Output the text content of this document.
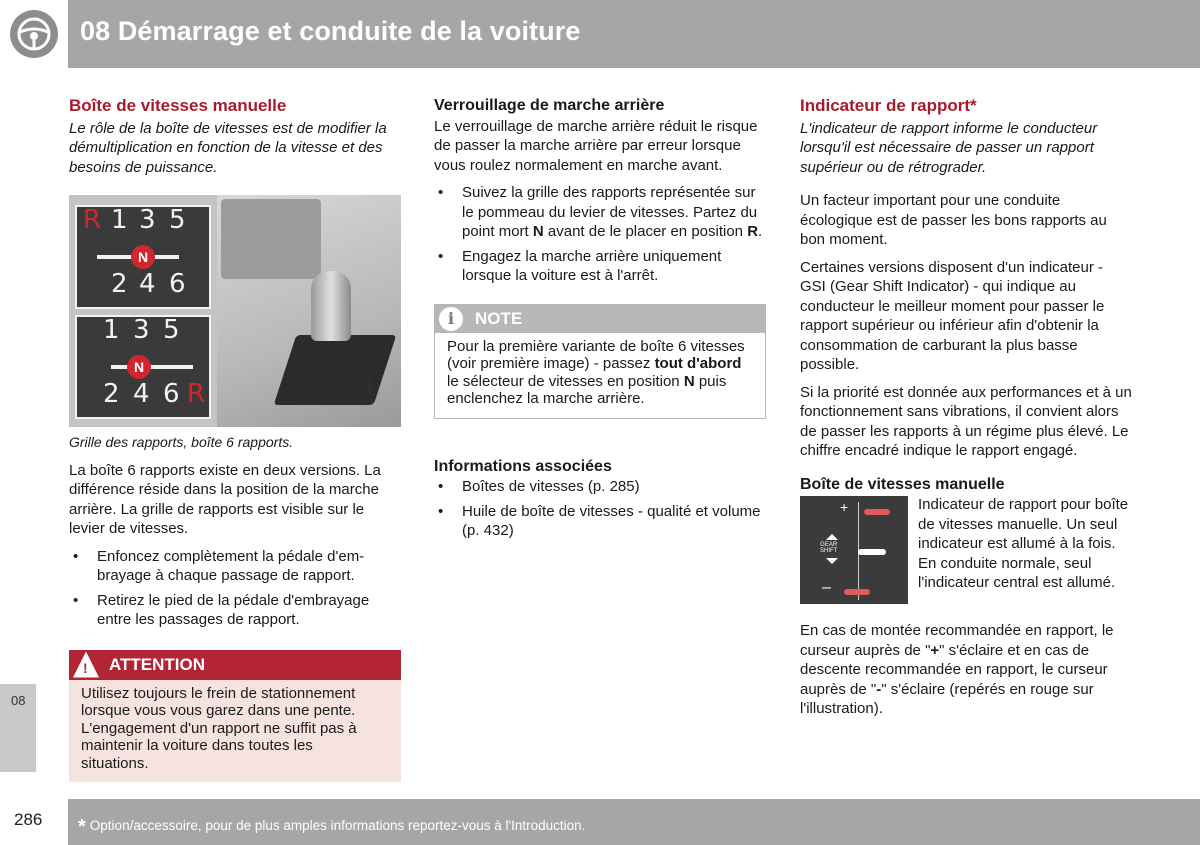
08 Démarrage et conduite de la voiture
08
Boîte de vitesses manuelle

Le rôle de la boîte de vitesses est de modifier la démultiplication en fonction de la vitesse et des besoins de puissance.

R 1 3 5
2 4 6
N
1 3 5
2 4 6 R
N
G049098

Grille des rapports, boîte 6 rapports.

La boîte 6 rapports existe en deux versions. La différence réside dans la position de la marche arrière. La grille de rapports est visible sur le levier de vitesses.

• Enfoncez complètement la pédale d'em-brayage à chaque passage de rapport.
• Retirez le pied de la pédale d'embrayage entre les passages de rapport.
! ATTENTION
Utilisez toujours le frein de stationnement lorsque vous vous garez dans une pente. L'engagement d'un rapport ne suffit pas à maintenir la voiture dans toutes les situations.
Verrouillage de marche arrière

Le verrouillage de marche arrière réduit le risque de passer la marche arrière par erreur lorsque vous roulez normalement en marche avant.

• Suivez la grille des rapports représentée sur le pommeau du levier de vitesses. Partez du point mort N avant de le placer en position R.
• Engagez la marche arrière uniquement lorsque la voiture est à l'arrêt.
i	NOTE
Pour la première variante de boîte 6 vitesses (voir première image) - passez tout d'abord le sélecteur de vitesses en position N puis enclenchez la marche arrière.
Informations associées
• Boîtes de vitesses (p. 285)
• Huile de boîte de vitesses - qualité et volume (p. 432)
Indicateur de rapport*

L'indicateur de rapport informe le conducteur lorsqu'il est nécessaire de passer un rapport supérieur ou de rétrograder.

Un facteur important pour une conduite écologique est de passer les bons rapports au bon moment.

Certaines versions disposent d'un indicateur - GSI (Gear Shift Indicator) - qui indique au conducteur le meilleur moment pour passer le rapport supérieur ou inférieur afin d'obtenir la consommation de carburant la plus basse possible.

Si la priorité est donnée aux performances et à un fonctionnement sans vibrations, il convient alors de passer les rapports à un régime plus élevé. Le chiffre encadré indique le rapport engagé.

Boîte de vitesses manuelle
+
–
GEAR
SHIFT
Indicateur de rapport pour boîte de vitesses manuelle. Un seul indicateur est allumé à la fois. En conduite normale, seul l'indicateur central est allumé.

En cas de montée recommandée en rapport, le curseur auprès de "+" s'éclaire et en cas de descente recommandée en rapport, le curseur auprès de "-" s'éclaire (repérés en rouge sur l'illustration).

286 * Option/accessoire, pour de plus amples informations reportez-vous à l'Introduction.
